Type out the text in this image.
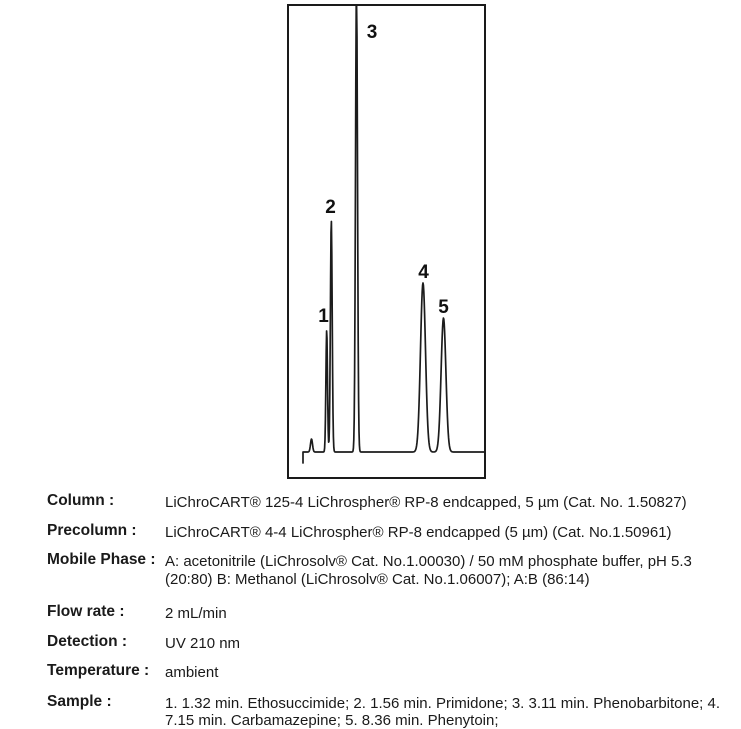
1
2
3
4
5
Column :	LiChroCART® 125-4 LiChrospher® RP-8 endcapped, 5 µm (Cat. No. 1.50827)
Precolumn :	LiChroCART® 4-4 LiChrospher® RP-8 endcapped (5 µm) (Cat. No.1.50961)
Mobile Phase : A: acetonitrile (LiChrosolv® Cat. No.1.00030) / 50 mM phosphate buffer, pH 5.3
(20:80) B: Methanol (LiChrosolv® Cat. No.1.06007); A:B (86:14)
Flow rate :	2 mL/min
Detection :	UV 210 nm
Temperature :	ambient
Sample :	1. 1.32 min. Ethosuccimide; 2. 1.56 min. Primidone; 3. 3.11 min. Phenobarbitone; 4.
7.15 min. Carbamazepine; 5. 8.36 min. Phenytoin;
